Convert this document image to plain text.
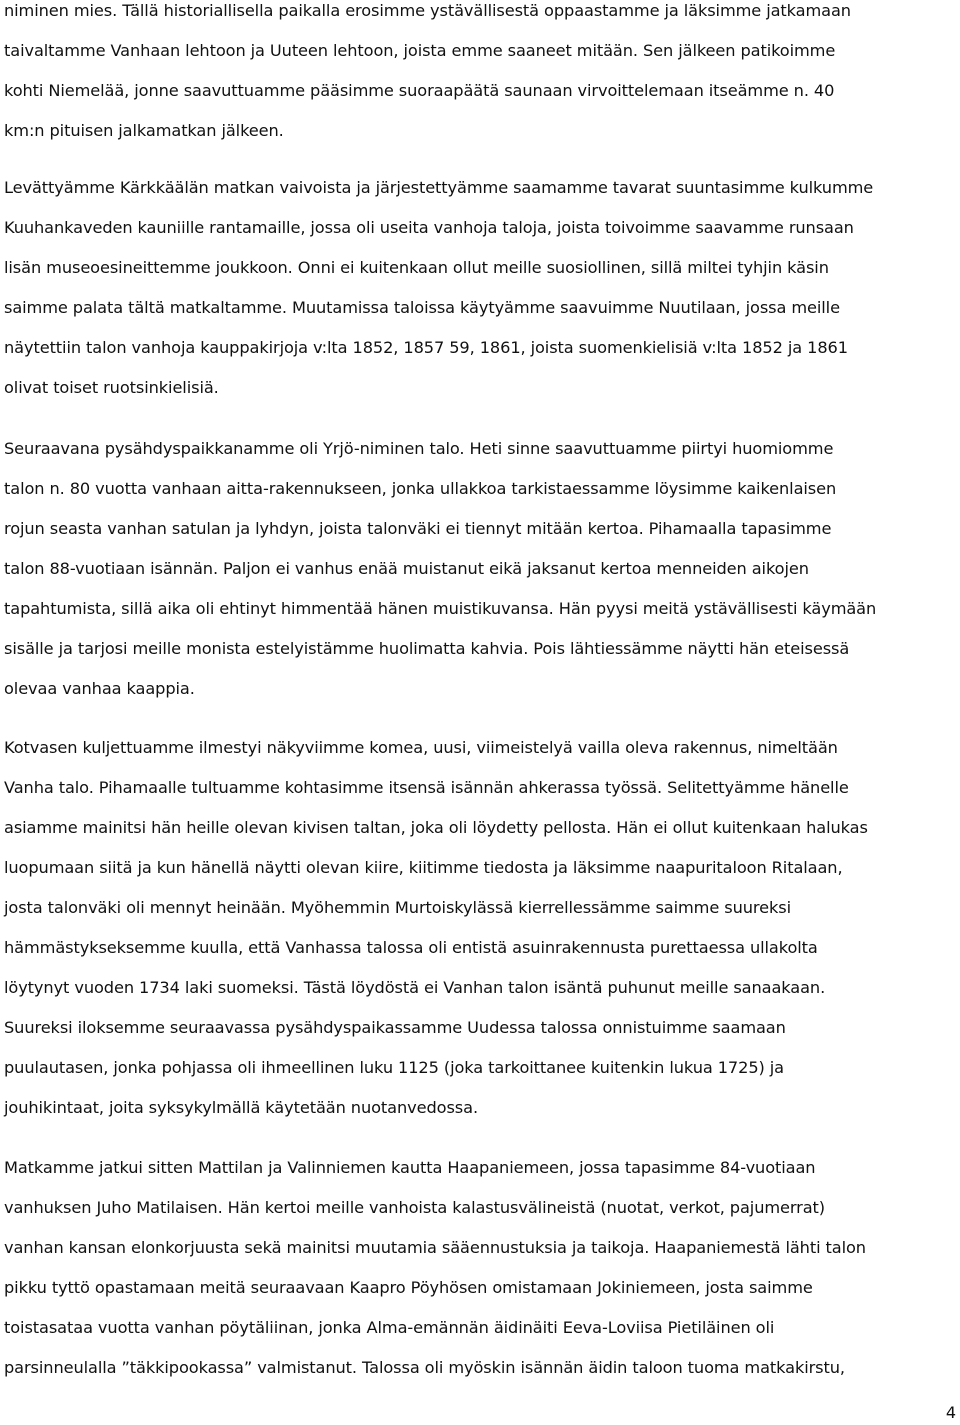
niminen mies. Tällä historiallisella paikalla erosimme ystävällisestä oppaastamme ja läksimme jatkamaan
taivaltamme Vanhaan lehtoon ja Uuteen lehtoon, joista emme saaneet mitään. Sen jälkeen patikoimme
kohti Niemelää, jonne saavuttuamme pääsimme suoraapäätä saunaan virvoittelemaan itseämme n. 40
km:n pituisen jalkamatkan jälkeen.
Levättyämme Kärkkäälän matkan vaivoista ja järjestettyämme saamamme tavarat suuntasimme kulkumme
Kuuhankaveden kauniille rantamaille, jossa oli useita vanhoja taloja, joista toivoimme saavamme runsaan
lisän museoesineittemme joukkoon. Onni ei kuitenkaan ollut meille suosiollinen, sillä miltei tyhjin käsin
saimme palata tältä matkaltamme. Muutamissa taloissa käytyämme saavuimme Nuutilaan, jossa meille
näytettiin talon vanhoja kauppakirjoja v:lta 1852, 1857 59, 1861, joista suomenkielisiä v:lta 1852 ja 1861
olivat toiset ruotsinkielisiä.
Seuraavana pysähdyspaikkanamme oli Yrjö-niminen talo. Heti sinne saavuttuamme piirtyi huomiomme
talon n. 80 vuotta vanhaan aitta-rakennukseen, jonka ullakkoa tarkistaessamme löysimme kaikenlaisen
rojun seasta vanhan satulan ja lyhdyn, joista talonväki ei tiennyt mitään kertoa. Pihamaalla tapasimme
talon 88-vuotiaan isännän. Paljon ei vanhus enää muistanut eikä jaksanut kertoa menneiden aikojen
tapahtumista, sillä aika oli ehtinyt himmentää hänen muistikuvansa. Hän pyysi meitä ystävällisesti käymään
sisälle ja tarjosi meille monista estelyistämme huolimatta kahvia. Pois lähtiessämme näytti hän eteisessä
olevaa vanhaa kaappia.
Kotvasen kuljettuamme ilmestyi näkyviimme komea, uusi, viimeistelyä vailla oleva rakennus, nimeltään
Vanha talo. Pihamaalle tultuamme kohtasimme itsensä isännän ahkerassa työssä. Selitettyämme hänelle
asiamme mainitsi hän heille olevan kivisen taltan, joka oli löydetty pellosta. Hän ei ollut kuitenkaan halukas
luopumaan siitä ja kun hänellä näytti olevan kiire, kiitimme tiedosta ja läksimme naapuritaloon Ritalaan,
josta talonväki oli mennyt heinään. Myöhemmin Murtoiskylässä kierrellessämme saimme suureksi
hämmästykseksemme kuulla, että Vanhassa talossa oli entistä asuinrakennusta purettaessa ullakolta
löytynyt vuoden 1734 laki suomeksi. Tästä löydöstä ei Vanhan talon isäntä puhunut meille sanaakaan.
Suureksi iloksemme seuraavassa pysähdyspaikassamme Uudessa talossa onnistuimme saamaan
puulautasen, jonka pohjassa oli ihmeellinen luku 1125 (joka tarkoittanee kuitenkin lukua 1725) ja
jouhikintaat, joita syksykylmällä käytetään nuotanvedossa.
Matkamme jatkui sitten Mattilan ja Valinniemen kautta Haapaniemeen, jossa tapasimme 84-vuotiaan
vanhuksen Juho Matilaisen. Hän kertoi meille vanhoista kalastusvälineistä (nuotat, verkot, pajumerrat)
vanhan kansan elonkorjuusta sekä mainitsi muutamia sääennustuksia ja taikoja. Haapaniemestä lähti talon
pikku tyttö opastamaan meitä seuraavaan Kaapro Pöyhösen omistamaan Jokiniemeen, josta saimme
toistasataa vuotta vanhan pöytäliinan, jonka Alma-emännän äidinäiti Eeva-Loviisa Pietiläinen oli
parsinneulalla ”täkkipookassa” valmistanut. Talossa oli myöskin isännän äidin taloon tuoma matkakirstu,
4
